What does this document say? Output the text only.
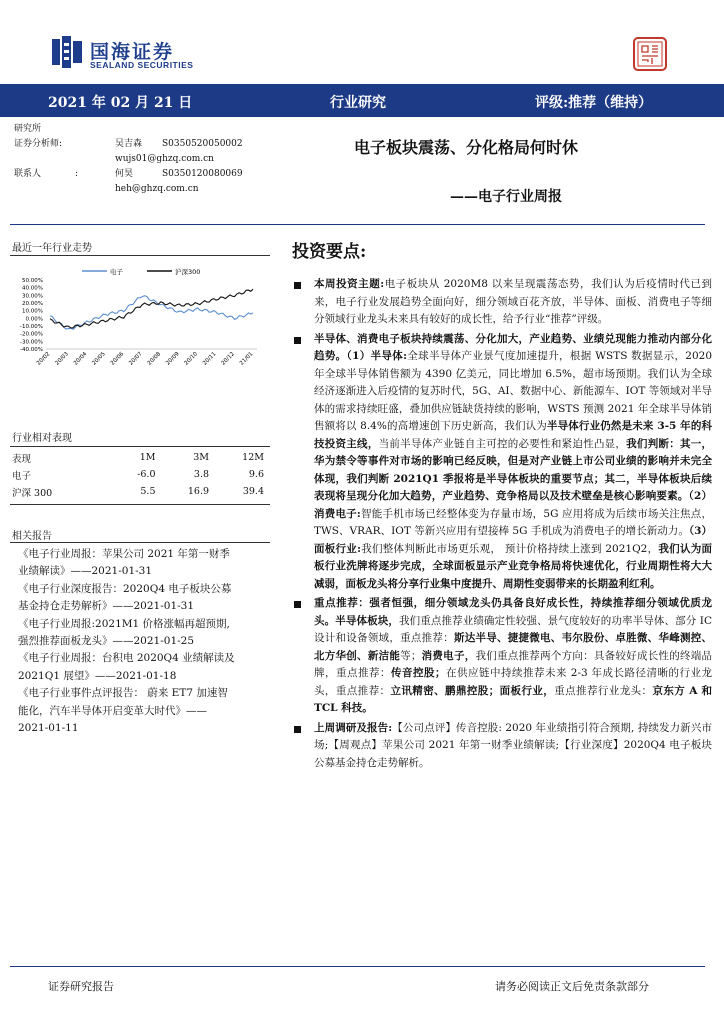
国海证券
SEALAND SECURITIES
2021 年 02 月 21 日	行业研究	评级:推荐（维持）
研究所
证券分析师:	吴吉森 S0350520050002
wujs01@ghzq.com.cn
联系人	:	何昊	S0350120080069
heh@ghzq.com.cn
电子板块震荡、分化格局何时休
——电子行业周报
最近一年行业走势
电子	沪深300
50.00%
40.00%
30.00%
20.00%
10.00%
0.00%
-10.00%
-20.00%
-30.00%
-40.00%
20/02 20/03 20/04 20/05 20/06 20/07 20/08 20/09 20/10 20/11 20/12 21/01
行业相对表现
表现	1M	3M	12M
电子	-6.0	3.8	9.6
沪深 300	5.5	16.9	39.4
相关报告
《电子行业周报：苹果公司 2021 年第一财季
业绩解读》——2021-01-31
《电子行业深度报告：2020Q4 电子板块公募
基金持仓走势解析》——2021-01-31
《电子行业周报:2021M1 价格涨幅再超预期,
强烈推荐面板龙头》——2021-01-25
《电子行业周报：台积电 2020Q4 业绩解读及
2021Q1 展望》——2021-01-18
《电子行业事件点评报告： 蔚来 ET7 加速智
能化，汽车半导体开启变革大时代》——
2021-01-11
投资要点:

本周投资主题:电子板块从 2020M8 以来呈现震荡态势，我们认为后疫情时代已到来，电子行业发展趋势全面向好，细分领域百花齐放，半导体、面板、消费电子等细分领域行业龙头未来具有较好的成长性，给予行业“推荐”评级。

半导体、消费电子板块持续震荡、分化加大，产业趋势、业绩兑现能力推动内部分化趋势。（1）半导体:全球半导体产业景气度加速提升，根据 WSTS 数据显示，2020 年全球半导体销售额为 4390 亿美元，同比增加 6.5%，超市场预期。我们认为全球经济逐渐进入后疫情的复苏时代，5G、AI、数据中心、新能源车、IOT 等领域对半导体的需求持续旺盛，叠加供应链缺货持续的影响，WSTS 预测 2021 年全球半导体销售额将以 8.4%的高增速创下历史新高，我们认为半导体行业仍然是未来 3-5 年的科技投资主线，当前半导体产业链自主可控的必要性和紧迫性凸显，我们判断：其一，华为禁令等事件对市场的影响已经反映，但是对产业链上市公司业绩的影响并未完全体现，我们判断 2021Q1 季报将是半导体板块的重要节点；其二，半导体板块后续表现将呈现分化加大趋势，产业趋势、竞争格局以及技术壁垒是核心影响要素。（2）消费电子:智能手机市场已经整体变为存量市场，5G 应用将成为后续市场关注焦点，TWS、VRAR、IOT 等新兴应用有望接棒 5G 手机成为消费电子的增长新动力。（3）面板行业:我们整体判断此市场更乐观， 预计价格持续上涨到 2021Q2，我们认为面板行业洗牌将逐步完成，全球面板显示产业竞争格局将快速优化，行业周期性将大大减弱，面板龙头将分享行业集中度提升、周期性变弱带来的长期盈利红利。

重点推荐：强者恒强，细分领域龙头仍具备良好成长性，持续推荐细分领域优质龙头。半导体板块，我们重点推荐业绩确定性较强、景气度较好的功率半导体、部分 IC 设计和设备领域，重点推荐：斯达半导、捷捷微电、韦尔股份、卓胜微、华峰测控、北方华创、新洁能等；消费电子，我们重点推荐两个方向：具备较好成长性的终端品牌，重点推荐：传音控股；在供应链中持续推荐未来 2-3 年成长路径清晰的行业龙头，重点推荐：立讯精密、鹏鼎控股；面板行业，重点推荐行业龙头：京东方 A 和 TCL 科技。

上周调研及报告:【公司点评】传音控股: 2020 年业绩指引符合预期, 持续发力新兴市场;【周观点】苹果公司 2021 年第一财季业绩解读;【行业深度】2020Q4 电子板块公募基金持仓走势解析。

证券研究报告	请务必阅读正文后免责条款部分
